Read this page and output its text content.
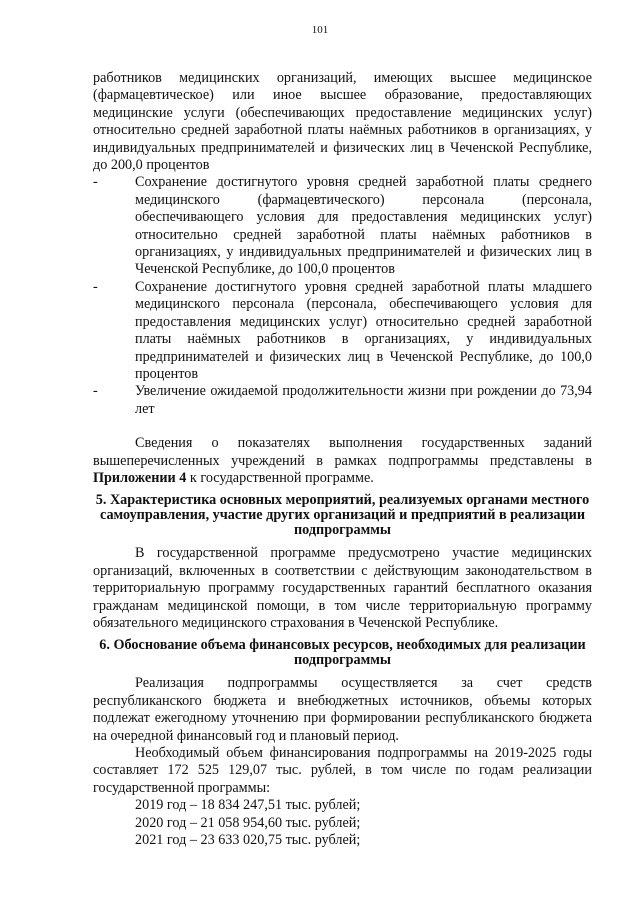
101

работников медицинских организаций, имеющих высшее медицинское (фармацевтическое) или иное высшее образование, предоставляющих медицинские услуги (обеспечивающих предоставление медицинских услуг) относительно средней заработной платы наёмных работников в организациях, у индивидуальных предпринимателей и физических лиц в Чеченской Республике, до 200,0 процентов

-	Сохранение достигнутого уровня средней заработной платы среднего медицинского (фармацевтического) персонала (персонала, обеспечивающего условия для предоставления медицинских услуг) относительно средней заработной платы наёмных работников в организациях, у индивидуальных предпринимателей и физических лиц в Чеченской Республике, до 100,0 процентов
-	Сохранение достигнутого уровня средней заработной платы младшего медицинского персонала (персонала, обеспечивающего условия для предоставления медицинских услуг) относительно средней заработной платы наёмных работников в организациях, у индивидуальных предпринимателей и физических лиц в Чеченской Республике, до 100,0 процентов
-	Увеличение ожидаемой продолжительности жизни при рождении до 73,94 лет

Сведения о показателях выполнения государственных заданий вышеперечисленных учреждений в рамках подпрограммы представлены в Приложении 4 к государственной программе.

5. Характеристика основных мероприятий, реализуемых органами местного самоуправления, участие других организаций и предприятий в реализации подпрограммы

В государственной программе предусмотрено участие медицинских организаций, включенных в соответствии с действующим законодательством в территориальную программу государственных гарантий бесплатного оказания гражданам медицинской помощи, в том числе территориальную программу обязательного медицинского страхования в Чеченской Республике.

6. Обоснование объема финансовых ресурсов, необходимых для реализации подпрограммы

Реализация подпрограммы осуществляется за счет средств республиканского бюджета и внебюджетных источников, объемы которых подлежат ежегодному уточнению при формировании республиканского бюджета на очередной финансовый год и плановый период.

Необходимый объем финансирования подпрограммы на 2019-2025 годы составляет 172 525 129,07 тыс. рублей, в том числе по годам реализации государственной программы:

2019 год – 18 834 247,51 тыс. рублей;

2020 год – 21 058 954,60 тыс. рублей;

2021 год – 23 633 020,75 тыс. рублей;
